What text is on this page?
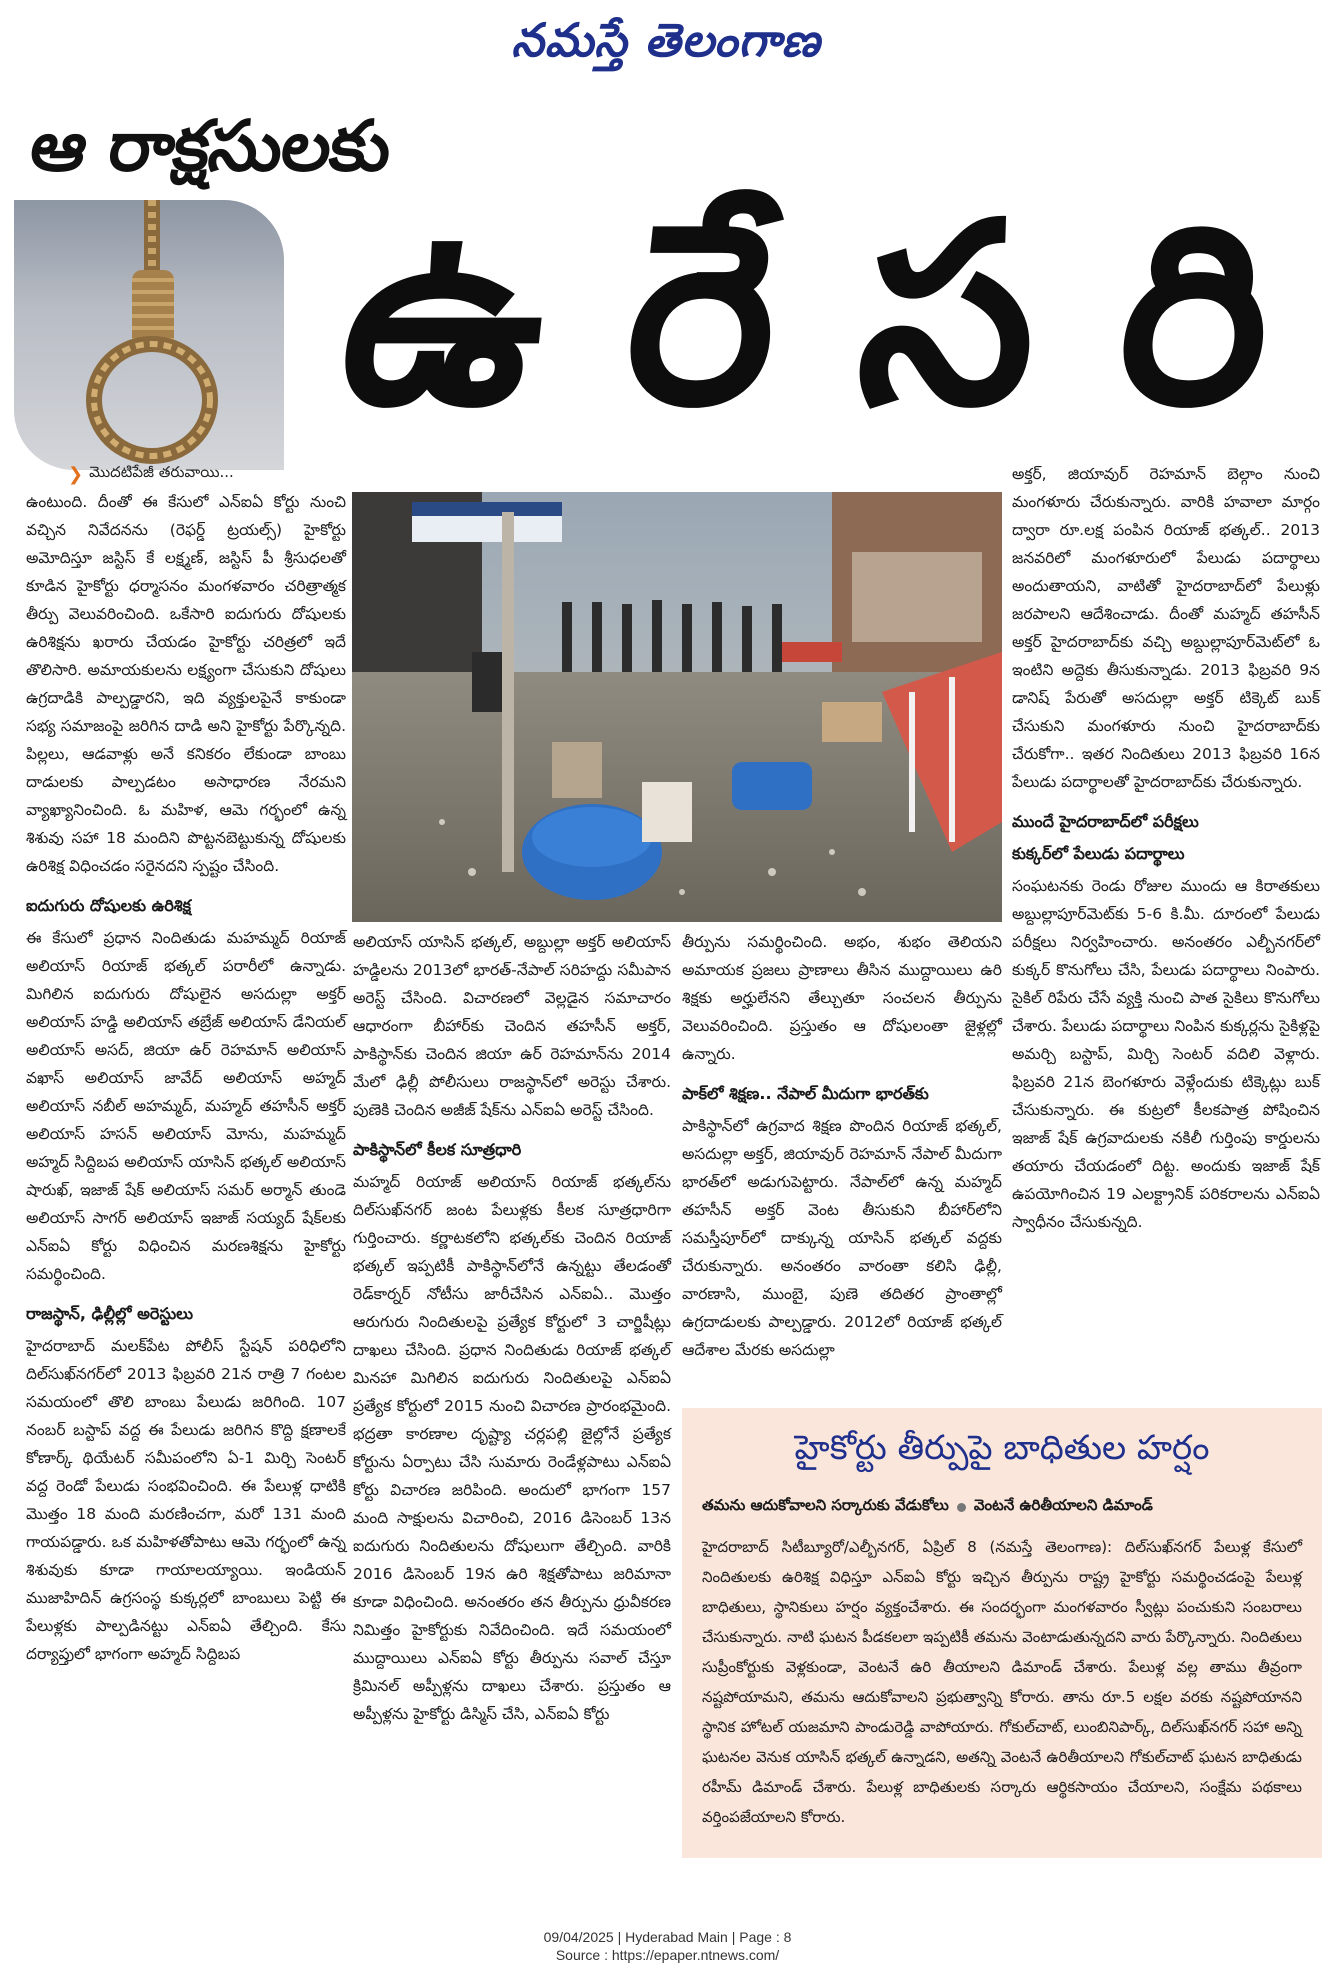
నమస్తే తెలంగాణ
ఆ రాక్షసులకు
ఉ రే స రి
❯ మొదటిపేజీ తరువాయి...

ఉంటుంది. దీంతో ఈ కేసులో ఎన్ఐఏ కోర్టు నుంచి వచ్చిన నివేదనను (రెఫర్డ్ ట్రయల్స్) హైకోర్టు అమోదిస్తూ జస్టిస్ కే లక్ష్మణ్, జస్టిస్ పీ శ్రీసుధలతో కూడిన హైకోర్టు ధర్మాసనం మంగళవారం చరిత్రాత్మక తీర్పు వెలువరించింది. ఒకేసారి ఐదుగురు దోషులకు ఉరిశిక్షను ఖరారు చేయడం హైకోర్టు చరిత్రలో ఇదే తొలిసారి. అమాయకులను లక్ష్యంగా చేసుకుని దోషులు ఉగ్రదాడికి పాల్పడ్డారని, ఇది వ్యక్తులపైనే కాకుండా సభ్య సమాజంపై జరిగిన దాడి అని హైకోర్టు పేర్కొన్నది. పిల్లలు, ఆడవాళ్లు అనే కనికరం లేకుండా బాంబు దాడులకు పాల్పడటం అసాధారణ నేరమని వ్యాఖ్యానించింది. ఓ మహిళ, ఆమె గర్భంలో ఉన్న శిశువు సహా 18 మందిని పొట్టనబెట్టుకున్న దోషులకు ఉరిశిక్ష విధించడం సరైనదని స్పష్టం చేసింది.

ఐదుగురు దోషులకు ఉరిశిక్ష

ఈ కేసులో ప్రధాన నిందితుడు మహమ్మద్ రియాజ్ అలియాస్ రియాజ్ భత్కల్ పరారీలో ఉన్నాడు. మిగిలిన ఐదుగురు దోషులైన అసదుల్లా అక్తర్ అలియాస్ హడ్డి అలియాస్ తబ్రేజ్ అలియాస్ డేనియల్ అలియాస్ అసద్, జియా ఉర్ రెహమాన్ అలియాస్ వఖాస్ అలియాస్ జావేద్ అలియాస్ అహ్మద్ అలియాస్ నబీల్ అహమ్మద్, మహ్మద్ తహసీన్ అక్తర్ అలియాస్ హసన్ అలియాస్ మోను, మహమ్మద్ అహ్మద్ సిద్దిబప అలియాస్ యాసిన్ భత్కల్ అలియాస్ షారుఖ్, ఇజాజ్ షేక్ అలియాస్ సమర్ అర్మాన్ తుండె అలియాస్ సాగర్ అలియాస్ ఇజాజ్ సయ్యద్ షేక్‌లకు ఎన్ఐఏ కోర్టు విధించిన మరణశిక్షను హైకోర్టు సమర్థించింది.

రాజస్థాన్, ఢిల్లీల్లో అరెస్టులు

హైదరాబాద్ మలక్‌పేట పోలీస్ స్టేషన్ పరిధిలోని దిల్‌సుఖ్‌నగర్‌లో 2013 ఫిబ్రవరి 21న రాత్రి 7 గంటల సమయంలో తొలి బాంబు పేలుడు జరిగింది. 107 నంబర్ బస్టాప్ వద్ద ఈ పేలుడు జరిగిన కొద్ది క్షణాలకే కోణార్క్ థియేటర్ సమీపంలోని ఏ-1 మిర్చి సెంటర్ వద్ద రెండో పేలుడు సంభవించింది. ఈ పేలుళ్ల ధాటికి మొత్తం 18 మంది మరణించగా, మరో 131 మంది గాయపడ్డారు. ఒక మహిళతోపాటు ఆమె గర్భంలో ఉన్న శిశువుకు కూడా గాయాలయ్యాయి. ఇండియన్ ముజాహిదిన్ ఉగ్రసంస్థ కుక్కర్లలో బాంబులు పెట్టి ఈ పేలుళ్లకు పాల్పడినట్టు ఎన్ఐఏ తేల్చింది. కేసు దర్యాప్తులో భాగంగా అహ్మద్ సిద్దిబప

అలియాస్ యాసిన్ భత్కల్, అబ్దుల్లా అక్తర్ అలియాస్ హడ్డిలను 2013లో భారత్-నేపాల్ సరిహద్దు సమీపాన అరెస్ట్ చేసింది. విచారణలో వెల్లడైన సమాచారం ఆధారంగా బీహార్‌కు చెందిన తహసీన్ అక్తర్, పాకిస్థాన్‌కు చెందిన జియా ఉర్ రెహమాన్‌ను 2014 మేలో ఢిల్లీ పోలీసులు రాజస్థాన్‌లో అరెస్టు చేశారు. పుణెకి చెందిన అజీజ్ షేక్‌ను ఎన్ఐఏ అరెస్ట్ చేసింది.

పాకిస్థాన్‌లో కీలక సూత్రధారి

మహ్మద్ రియాజ్ అలియాస్ రియాజ్ భత్కల్‌ను దిల్‌సుఖ్‌నగర్ జంట పేలుళ్లకు కీలక సూత్రధారిగా గుర్తించారు. కర్ణాటకలోని భత్కల్‌కు చెందిన రియాజ్ భత్కల్ ఇప్పటికీ పాకిస్థాన్‌లోనే ఉన్నట్టు తేలడంతో రెడ్‌కార్నర్ నోటీసు జారీచేసిన ఎన్ఐఏ.. మొత్తం ఆరుగురు నిందితులపై ప్రత్యేక కోర్టులో 3 చార్జిషీట్లు దాఖలు చేసింది. ప్రధాన నిందితుడు రియాజ్ భత్కల్ మినహా మిగిలిన ఐదుగురు నిందితులపై ఎన్ఐఏ ప్రత్యేక కోర్టులో 2015 నుంచి విచారణ ప్రారంభమైంది. భద్రతా కారణాల దృష్ట్యా చర్లపల్లి జైల్లోనే ప్రత్యేక కోర్టును ఏర్పాటు చేసి సుమారు రెండేళ్లపాటు ఎన్ఐఏ కోర్టు విచారణ జరిపింది. అందులో భాగంగా 157 మంది సాక్షులను విచారించి, 2016 డిసెంబర్ 13న ఐదుగురు నిందితులను దోషులుగా తేల్చింది. వారికి 2016 డిసెంబర్ 19న ఉరి శిక్షతోపాటు జరిమానా కూడా విధించింది. అనంతరం తన తీర్పును ధ్రువీకరణ నిమిత్తం హైకోర్టుకు నివేదించింది. ఇదే సమయంలో ముద్దాయిలు ఎన్ఐఏ కోర్టు తీర్పును సవాల్ చేస్తూ క్రిమినల్ అప్పీళ్లను దాఖలు చేశారు. ప్రస్తుతం ఆ అప్పీళ్లను హైకోర్టు డిస్మిస్ చేసి, ఎన్ఐఏ కోర్టు

తీర్పును సమర్థించింది. అభం, శుభం తెలియని అమాయక ప్రజలు ప్రాణాలు తీసిన ముద్దాయిలు ఉరి శిక్షకు అర్హులేనని తేల్చుతూ సంచలన తీర్పును వెలువరించింది. ప్రస్తుతం ఆ దోషులంతా జైళ్లల్లో ఉన్నారు.

పాక్‌లో శిక్షణ.. నేపాల్ మీదుగా భారత్‌కు

పాకిస్థాన్‌లో ఉగ్రవాద శిక్షణ పొందిన రియాజ్ భత్కల్, అసదుల్లా అక్తర్, జియావుర్ రెహమాన్ నేపాల్ మీదుగా భారత్‌లో అడుగుపెట్టారు. నేపాల్‌లో ఉన్న మహ్మద్ తహసీన్ అక్తర్ వెంట తీసుకుని బీహార్‌లోని సమస్తీపూర్‌లో దాక్కున్న యాసిన్ భత్కల్ వద్దకు చేరుకున్నారు. అనంతరం వారంతా కలిసి ఢిల్లీ, వారణాసి, ముంబై, పుణె తదితర ప్రాంతాల్లో ఉగ్రదాడులకు పాల్పడ్డారు. 2012లో రియాజ్ భత్కల్ ఆదేశాల మేరకు అసదుల్లా

అక్తర్, జియావుర్ రెహమాన్ బెల్గాం నుంచి మంగళూరు చేరుకున్నారు. వారికి హవాలా మార్గం ద్వారా రూ.లక్ష పంపిన రియాజ్ భత్కల్.. 2013 జనవరిలో మంగళూరులో పేలుడు పదార్థాలు అందుతాయని, వాటితో హైదరాబాద్‌లో పేలుళ్లు జరపాలని ఆదేశించాడు. దీంతో మహ్మద్ తహసీన్ అక్తర్ హైదరాబాద్‌కు వచ్చి అబ్దుల్లాపూర్‌మెట్‌లో ఓ ఇంటిని అద్దెకు తీసుకున్నాడు. 2013 ఫిబ్రవరి 9న డానిష్ పేరుతో అసదుల్లా అక్తర్ టిక్కెట్ బుక్ చేసుకుని మంగళూరు నుంచి హైదరాబాద్‌కు చేరుకోగా.. ఇతర నిందితులు 2013 ఫిబ్రవరి 16న పేలుడు పదార్థాలతో హైదరాబాద్‌కు చేరుకున్నారు.

ముందే హైదరాబాద్‌లో పరీక్షలు

కుక్కర్‌లో పేలుడు పదార్థాలు

సంఘటనకు రెండు రోజుల ముందు ఆ కిరాతకులు అబ్దుల్లాపూర్‌మెట్‌కు 5-6 కి.మీ. దూరంలో పేలుడు పరీక్షలు నిర్వహించారు. అనంతరం ఎల్బీనగర్‌లో కుక్కర్ కొనుగోలు చేసి, పేలుడు పదార్థాలు నింపారు. సైకిల్ రిపేరు చేసే వ్యక్తి నుంచి పాత సైకిలు కొనుగోలు చేశారు. పేలుడు పదార్థాలు నింపిన కుక్కర్లను సైకిళ్లపై అమర్చి బస్టాప్, మిర్చి సెంటర్ వదిలి వెళ్లారు. ఫిబ్రవరి 21న బెంగళూరు వెళ్లేందుకు టిక్కెట్లు బుక్ చేసుకున్నారు. ఈ కుట్రలో కీలకపాత్ర పోషించిన ఇజాజ్ షేక్ ఉగ్రవాదులకు నకిలీ గుర్తింపు కార్డులను తయారు చేయడంలో దిట్ట. అందుకు ఇజాజ్ షేక్ ఉపయోగించిన 19 ఎలక్ట్రానిక్ పరికరాలను ఎన్ఐఏ స్వాధీనం చేసుకున్నది.

హైకోర్టు తీర్పుపై బాధితుల హర్షం
తమను ఆదుకోవాలని సర్కారుకు వేడుకోలు వెంటనే ఉరితీయాలని డిమాండ్
హైదరాబాద్ సిటీబ్యూరో/ఎల్బీనగర్, ఏప్రిల్ 8 (నమస్తే తెలంగాణ): దిల్‌సుఖ్‌నగర్ పేలుళ్ల కేసులో నిందితులకు ఉరిశిక్ష విధిస్తూ ఎన్ఐఏ కోర్టు ఇచ్చిన తీర్పును రాష్ట్ర హైకోర్టు సమర్థించడంపై పేలుళ్ల బాధితులు, స్థానికులు హర్షం వ్యక్తంచేశారు. ఈ సందర్భంగా మంగళవారం స్వీట్లు పంచుకుని సంబరాలు చేసుకున్నారు. నాటి ఘటన పీడకలలా ఇప్పటికీ తమను వెంటాడుతున్నదని వారు పేర్కొన్నారు. నిందితులు సుప్రీంకోర్టుకు వెళ్లకుండా, వెంటనే ఉరి తీయాలని డిమాండ్ చేశారు. పేలుళ్ల వల్ల తాము తీవ్రంగా నష్టపోయామని, తమను ఆదుకోవాలని ప్రభుత్వాన్ని కోరారు. తాను రూ.5 లక్షల వరకు నష్టపోయానని స్థానిక హోటల్ యజమాని పాండురెడ్డి వాపోయారు. గోకుల్‌చాట్, లుంబినిపార్క్, దిల్‌సుఖ్‌నగర్ సహా అన్ని ఘటనల వెనుక యాసిన్ భత్కల్ ఉన్నాడని, అతన్ని వెంటనే ఉరితీయాలని గోకుల్‌చాట్ ఘటన బాధితుడు రహీమ్ డిమాండ్ చేశారు. పేలుళ్ల బాధితులకు సర్కారు ఆర్థికసాయం చేయాలని, సంక్షేమ పథకాలు వర్తింపజేయాలని కోరారు.
09/04/2025 | Hyderabad Main | Page : 8
Source : https://epaper.ntnews.com/
